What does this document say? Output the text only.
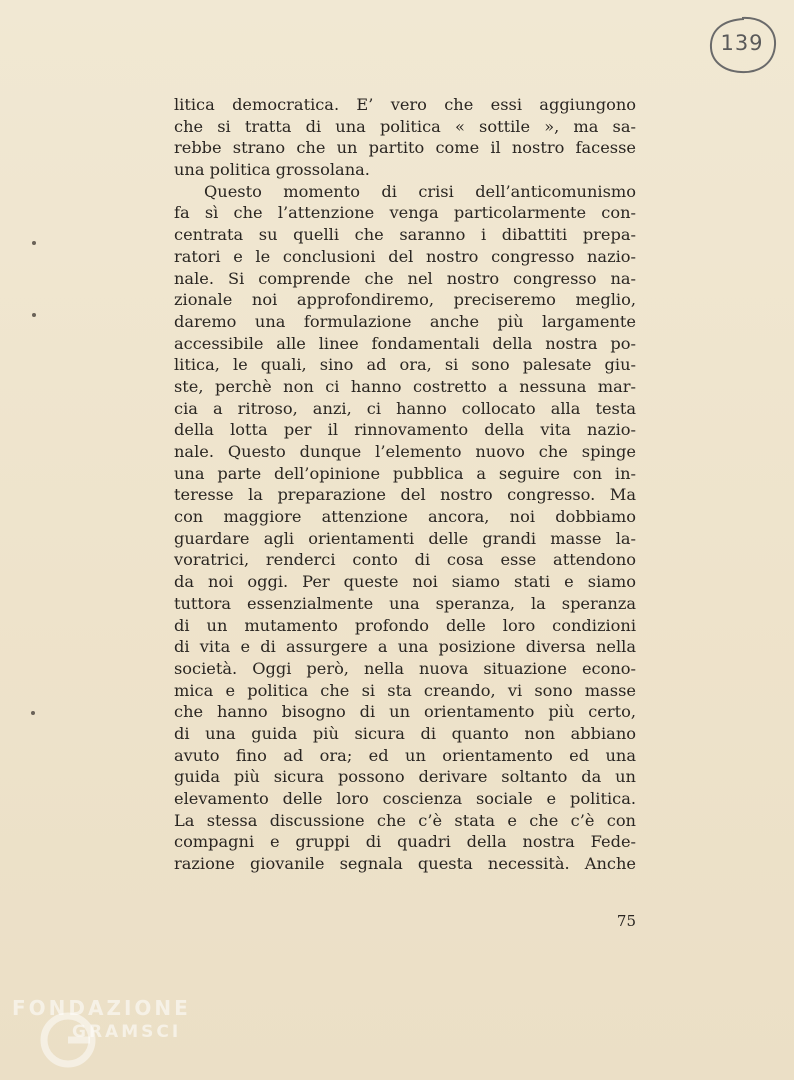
139
litica democratica. E’ vero che essi aggiungono
che si tratta di una politica « sottile », ma sa-
rebbe strano che un partito come il nostro facesse
una politica grossolana.
Questo momento di crisi dell’anticomunismo
fa sì che l’attenzione venga particolarmente con-
centrata su quelli che saranno i dibattiti prepa-
ratori e le conclusioni del nostro congresso nazio-
nale. Si comprende che nel nostro congresso na-
zionale noi approfondiremo, preciseremo meglio,
daremo una formulazione anche più largamente
accessibile alle linee fondamentali della nostra po-
litica, le quali, sino ad ora, si sono palesate giu-
ste, perchè non ci hanno costretto a nessuna mar-
cia a ritroso, anzi, ci hanno collocato alla testa
della lotta per il rinnovamento della vita nazio-
nale. Questo dunque l’elemento nuovo che spinge
una parte dell’opinione pubblica a seguire con in-
teresse la preparazione del nostro congresso. Ma
con maggiore attenzione ancora, noi dobbiamo
guardare agli orientamenti delle grandi masse la-
voratrici, renderci conto di cosa esse attendono
da noi oggi. Per queste noi siamo stati e siamo
tuttora essenzialmente una speranza, la speranza
di un mutamento profondo delle loro condizioni
di vita e di assurgere a una posizione diversa nella
società. Oggi però, nella nuova situazione econo-
mica e politica che si sta creando, vi sono masse
che hanno bisogno di un orientamento più certo,
di una guida più sicura di quanto non abbiano
avuto fino ad ora; ed un orientamento ed una
guida più sicura possono derivare soltanto da un
elevamento delle loro coscienza sociale e politica.
La stessa discussione che c’è stata e che c’è con
compagni e gruppi di quadri della nostra Fede-
razione giovanile segnala questa necessità. Anche
75
FONDAZIONE
GRAMSCI
